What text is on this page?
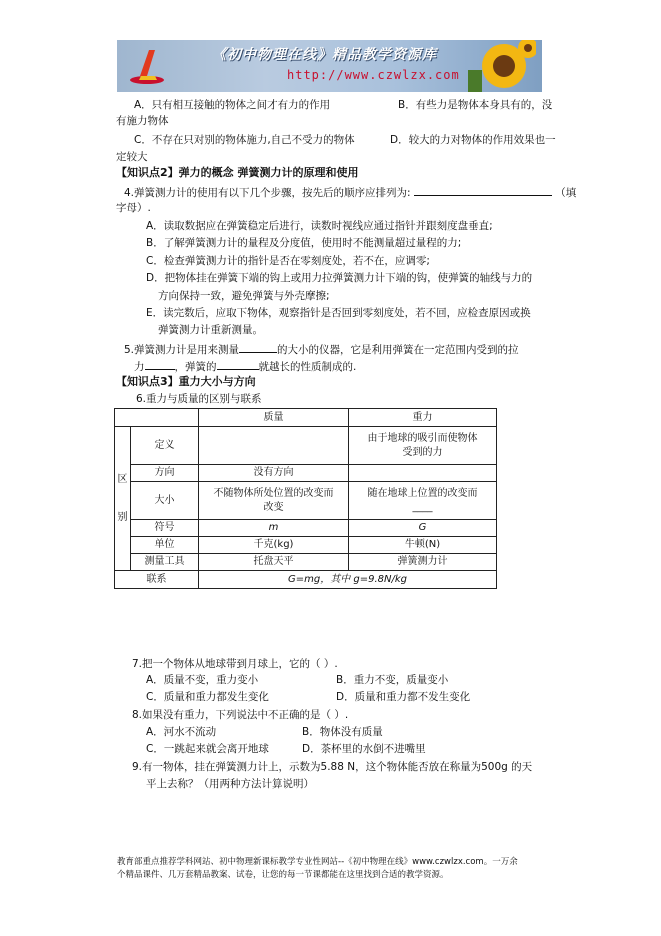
《初中物理在线》精品教学资源库
http://www.czwlzx.com
A．只有相互接触的物体之间才有力的作用	B．有些力是物体本身具有的，没
有施力物体
C．不存在只对别的物体施力,自己不受力的物体	D．较大的力对物体的作用效果也一
定较大
【知识点2】弹力的概念 弹簧测力计的原理和使用
4.弹簧测力计的使用有以下几个步骤，按先后的顺序应排列为:	（填
字母）.
A．读取数据应在弹簧稳定后进行，读数时视线应通过指针并跟刻度盘垂直;
B．了解弹簧测力计的量程及分度值，使用时不能测量超过量程的力;
C．检查弹簧测力计的指针是否在零刻度处，若不在，应调零;
D．把物体挂在弹簧下端的钩上或用力拉弹簧测力计下端的钩，使弹簧的轴线与力的
方向保持一致，避免弹簧与外壳摩擦;
E．读完数后，应取下物体，观察指针是否回到零刻度处，若不回，应检查原因或换
弹簧测力计重新测量。
5.弹簧测力计是用来测量	的大小的仪器，它是利用弹簧在一定范围内受到的拉
力	，弹簧的	就越长的性质制成的.
【知识点3】重力大小与方向
6.重力与质量的区别与联系
		质量	重力
区
别	定义		由于地球的吸引而使物体
受到的力
	方向	没有方向	
	大小	不随物体所处位置的改变而
改变	随在地球上位置的改变而
____
	符号	m	G
	单位	千克(kg)	牛顿(N)
	测量工具	托盘天平	弹簧测力计
联系		G=mg，其中 g=9.8N/kg	
7.把一个物体从地球带到月球上，它的（ ）.
A．质量不变，重力变小	B．重力不变，质量变小
C．质量和重力都发生变化	D．质量和重力都不发生变化
8.如果没有重力，下列说法中不正确的是（ ）.
A．河水不流动	B．物体没有质量
C．一跳起来就会离开地球	D．茶杯里的水倒不进嘴里
9.有一物体，挂在弹簧测力计上，示数为5.88 N，这个物体能否放在称量为500g 的天
平上去称？（用两种方法计算说明）
教育部重点推荐学科网站、初中物理新课标教学专业性网站--《初中物理在线》www.czwlzx.com。一万余
个精品课件、几万套精品教案、试卷，让您的每一节课都能在这里找到合适的教学资源。
